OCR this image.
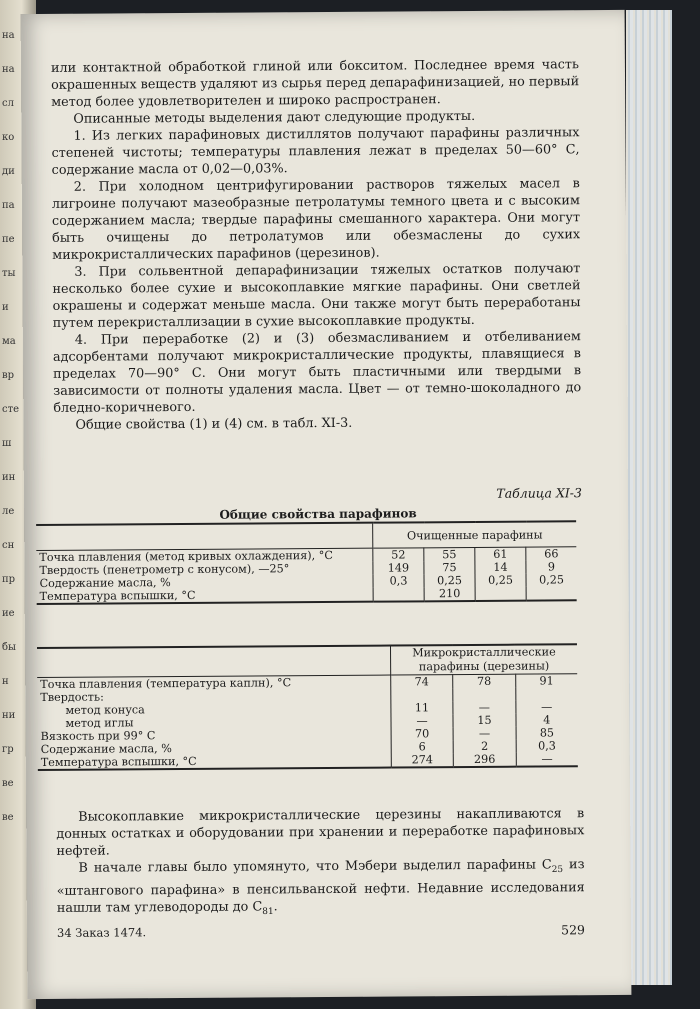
на
на
сл
ко
ди
па
пе
ты
и
ма
вр
сте
ш
ин
ле
сн
пр
ие
бы
н
ни
гр
ве
ве

или контактной обработкой глиной или бокситом. Последнее время часть окрашенных веществ удаляют из сырья перед депарафинизацией, но первый метод более удовлетворителен и широко распространен.

Описанные методы выделения дают следующие продукты.

1. Из легких парафиновых дистиллятов получают парафины различных степеней чистоты; температуры плавления лежат в пределах 50—60° С, содержание масла от 0,02—0,03%.

2. При холодном центрифугировании растворов тяжелых масел в лигроине получают мазеобразные петролатумы темного цвета и с высоким содержанием масла; твердые парафины смешанного характера. Они могут быть очищены до петролатумов или обезмаслены до сухих микрокристаллических парафинов (церезинов).

3. При сольвентной депарафинизации тяжелых остатков получают несколько более сухие и высокоплавкие мягкие парафины. Они светлей окрашены и содержат меньше масла. Они также могут быть переработаны путем перекристаллизации в сухие высокоплавкие продукты.

4. При переработке (2) и (3) обезмасливанием и отбеливанием адсорбентами получают микрокристаллические продукты, плавящиеся в пределах 70—90° С. Они могут быть пластичными или твердыми в зависимости от полноты удаления масла. Цвет — от темно-шоколадного до бледно-коричневого.

Общие свойства (1) и (4) см. в табл. XI-3.

Таблица XI-3
Общие свойства парафинов
	Очищенные парафины			
Точка плавления (метод кривых охлаждения), °С	52	55	61	66
Твердость (пенетрометр с конусом), —25°	149	75	14	9
Содержание масла, %	0,3	0,25	0,25	0,25
Температура вспышки, °С		210		
	Микрокристаллические парафины (церезины)		
Точка плавления (температура каплн), °С	74	78	91
Твердость:			
метод конуса	11	—	—
метод иглы	—	15	4
Вязкость при 99° С	70	—	85
Содержание масла, %	6	2	0,3
Температура вспышки, °С	274	296	—

Высокоплавкие микрокристаллические церезины накапливаются в донных остатках и оборудовании при хранении и переработке парафиновых нефтей.

В начале главы было упомянуто, что Мэбери выделил парафины $C_{25}$ из «штангового парафина» в пенсильванской нефти. Недавние исследования нашли там углеводороды до $C_{81}$.

34 Заказ 1474.	529
